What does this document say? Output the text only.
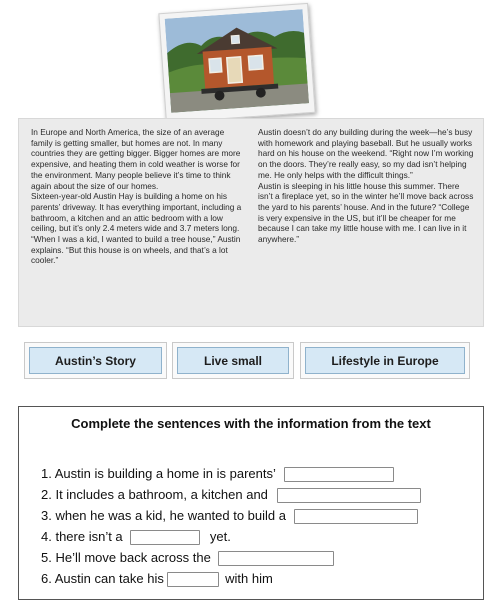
In Europe and North America, the size of an average family is getting smaller, but homes are not. In many countries they are getting bigger. Bigger homes are more expensive, and heating them in cold weather is worse for the environment. Many people believe it’s time to think again about the size of our homes.

Sixteen-year-old Austin Hay is building a home on his parents’ driveway. It has everything important, including a bathroom, a kitchen and an attic bedroom with a low ceiling, but it’s only 2.4 meters wide and 3.7 meters long.

“When I was a kid, I wanted to build a tree house,” Austin explains. “But this house is on wheels, and that’s a lot cooler.”

Austin doesn’t do any building during the week—he’s busy with homework and playing baseball. But he usually works hard on his house on the weekend. “Right now I’m working on the doors. They’re really easy, so my dad isn’t helping me. He only helps with the difficult things.”

Austin is sleeping in his little house this summer. There isn’t a fireplace yet, so in the winter he’ll move back across the yard to his parents’ house. And in the future? “College is very expensive in the US, but it’ll be cheaper for me because I can take my little house with me. I can live in it anywhere.”

Austin’s Story	Live small	Lifestyle in Europe
Complete the sentences with the information from the text
1. Austin is building a home in is parents’
2. It includes a bathroom, a kitchen and
3. when he was a kid, he wanted to build a
4. there isn’t a	yet.
5. He’ll move back across the
6. Austin can take his	with him
